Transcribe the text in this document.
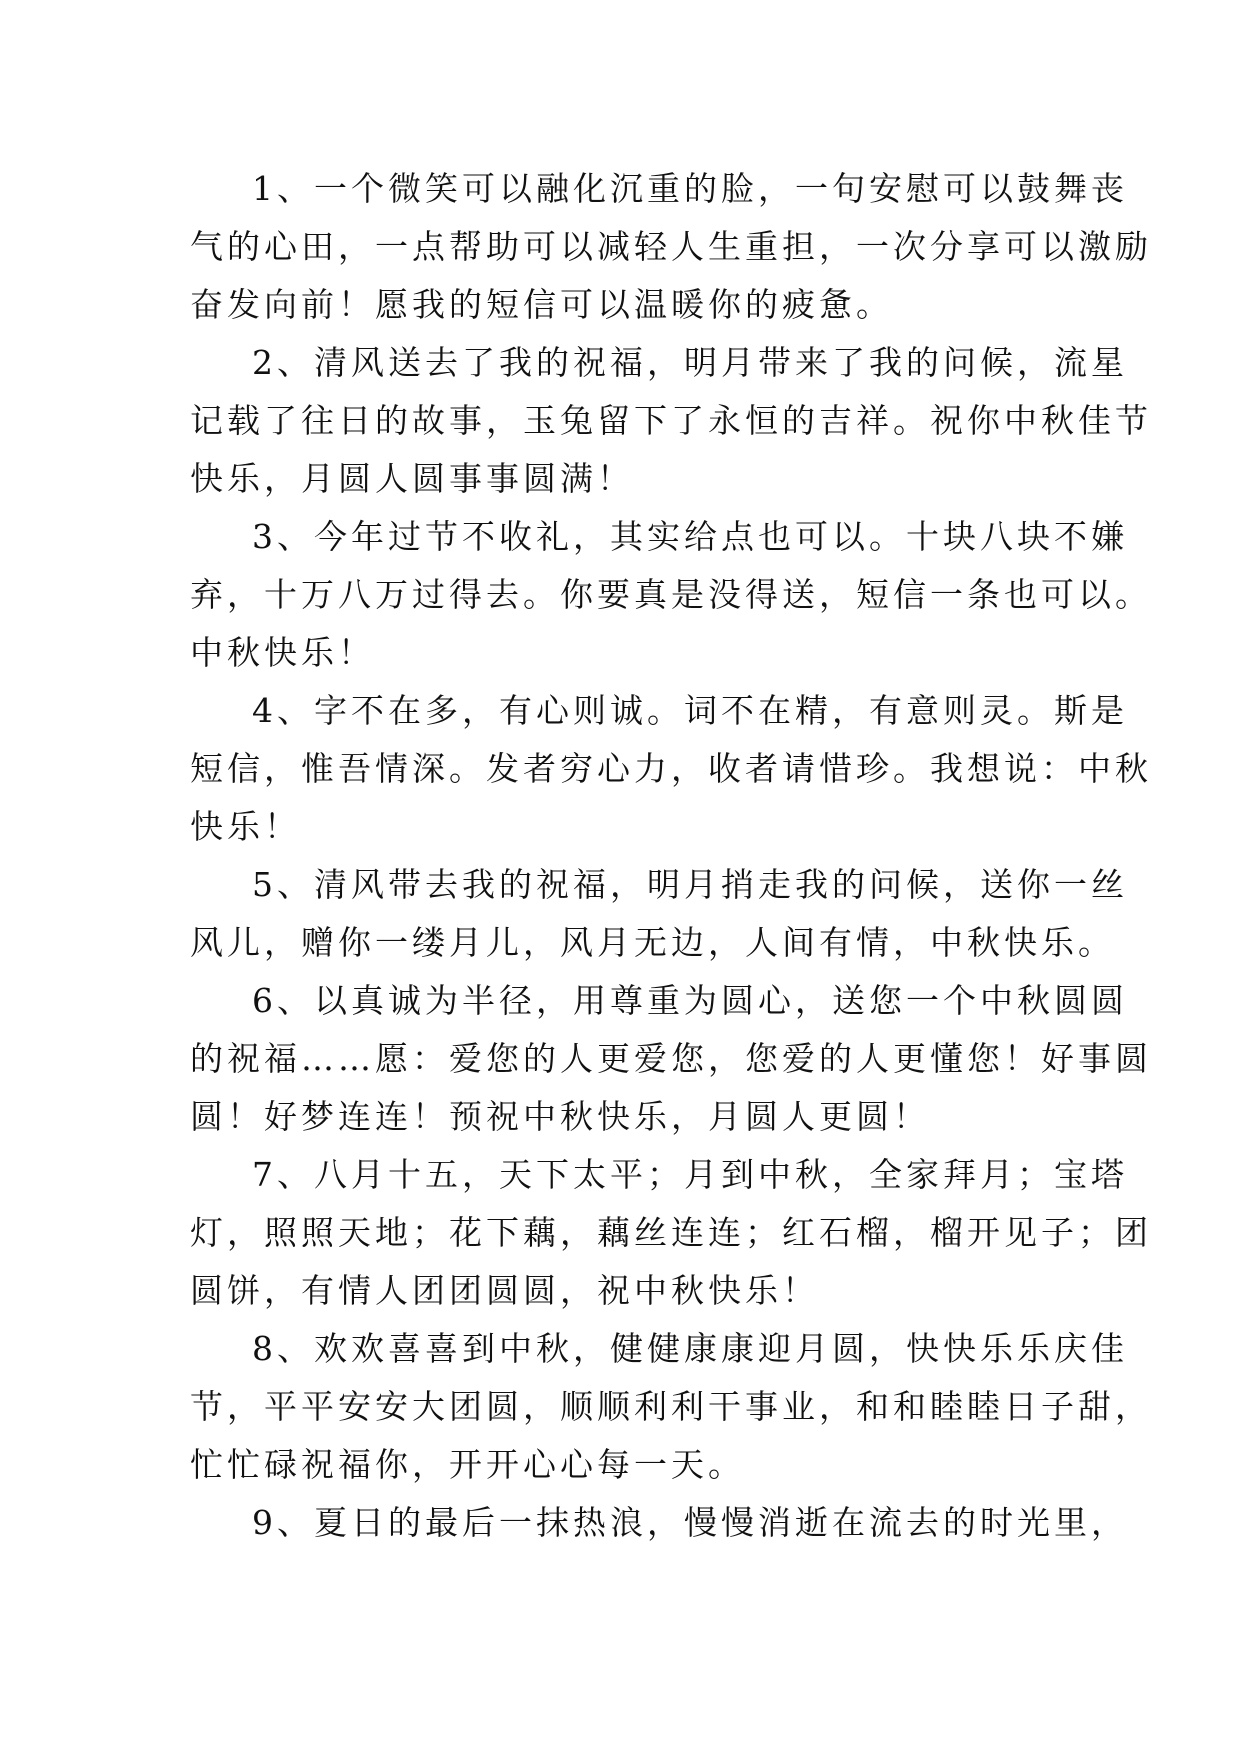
1、一个微笑可以融化沉重的脸，一句安慰可以鼓舞丧
气的心田，一点帮助可以减轻人生重担，一次分享可以激励
奋发向前！愿我的短信可以温暖你的疲惫。

2、清风送去了我的祝福，明月带来了我的问候，流星
记载了往日的故事，玉兔留下了永恒的吉祥。祝你中秋佳节
快乐，月圆人圆事事圆满！

3、今年过节不收礼，其实给点也可以。十块八块不嫌
弃，十万八万过得去。你要真是没得送，短信一条也可以。
中秋快乐！

4、字不在多，有心则诚。词不在精，有意则灵。斯是
短信，惟吾情深。发者穷心力，收者请惜珍。我想说：中秋
快乐！

5、清风带去我的祝福，明月捎走我的问候，送你一丝
风儿，赠你一缕月儿，风月无边，人间有情，中秋快乐。

6、以真诚为半径，用尊重为圆心，送您一个中秋圆圆
的祝福……愿：爱您的人更爱您，您爱的人更懂您！好事圆
圆！好梦连连！预祝中秋快乐，月圆人更圆！

7、八月十五，天下太平；月到中秋，全家拜月；宝塔
灯，照照天地；花下藕，藕丝连连；红石榴，榴开见子；团
圆饼，有情人团团圆圆，祝中秋快乐！

8、欢欢喜喜到中秋，健健康康迎月圆，快快乐乐庆佳
节，平平安安大团圆，顺顺利利干事业，和和睦睦日子甜，
忙忙碌祝福你，开开心心每一天。

9、夏日的最后一抹热浪，慢慢消逝在流去的时光里，
